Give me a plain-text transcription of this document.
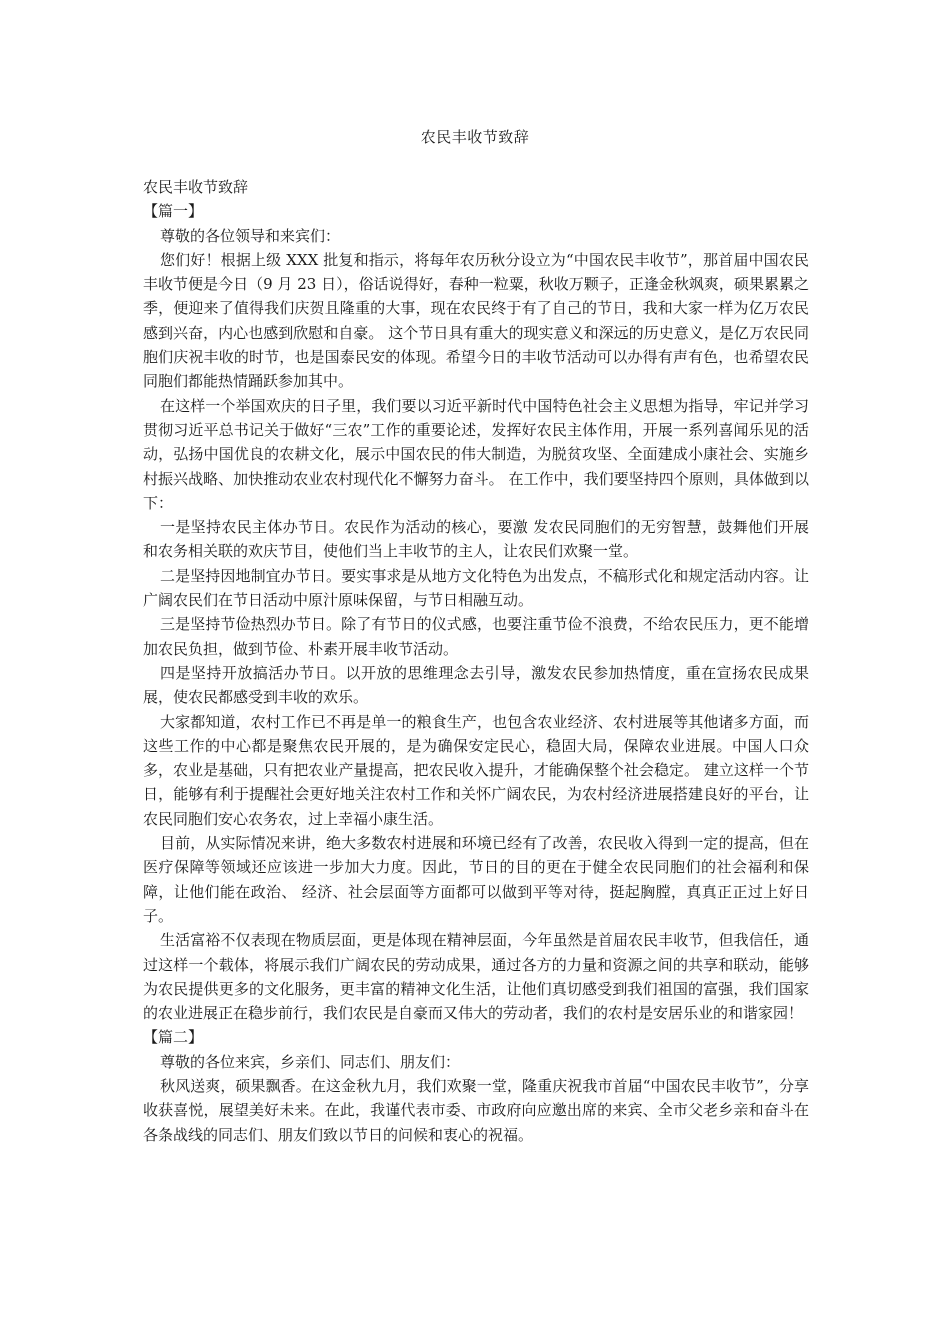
农民丰收节致辞

农民丰收节致辞

【篇一】

尊敬的各位领导和来宾们：

您们好！根据上级 XXX 批复和指示，将每年农历秋分设立为“中国农民丰收节”，那首届中国农民丰收节便是今日（9 月 23 日），俗话说得好，春种一粒粟，秋收万颗子，正逢金秋飒爽，硕果累累之季，便迎来了值得我们庆贺且隆重的大事，现在农民终于有了自己的节日，我和大家一样为亿万农民感到兴奋，内心也感到欣慰和自豪。 这个节日具有重大的现实意义和深远的历史意义，是亿万农民同胞们庆祝丰收的时节，也是国泰民安的体现。希望今日的丰收节活动可以办得有声有色，也希望农民同胞们都能热情踊跃参加其中。

在这样一个举国欢庆的日子里，我们要以习近平新时代中国特色社会主义思想为指导，牢记并学习贯彻习近平总书记关于做好“三农”工作的重要论述，发挥好农民主体作用，开展一系列喜闻乐见的活动，弘扬中国优良的农耕文化，展示中国农民的伟大制造，为脱贫攻坚、全面建成小康社会、实施乡村振兴战略、加快推动农业农村现代化不懈努力奋斗。 在工作中，我们要坚持四个原则，具体做到以下：

一是坚持农民主体办节日。农民作为活动的核心，要激 发农民同胞们的无穷智慧，鼓舞他们开展和农务相关联的欢庆节目，使他们当上丰收节的主人，让农民们欢聚一堂。

二是坚持因地制宜办节日。要实事求是从地方文化特色为出发点，不稿形式化和规定活动内容。让广阔农民们在节日活动中原汁原味保留，与节日相融互动。

三是坚持节俭热烈办节日。除了有节日的仪式感，也要注重节俭不浪费，不给农民压力，更不能增加农民负担，做到节俭、朴素开展丰收节活动。

四是坚持开放搞活办节日。以开放的思维理念去引导，激发农民参加热情度，重在宣扬农民成果展，使农民都感受到丰收的欢乐。

大家都知道，农村工作已不再是单一的粮食生产，也包含农业经济、农村进展等其他诸多方面，而这些工作的中心都是聚焦农民开展的，是为确保安定民心，稳固大局，保障农业进展。中国人口众多，农业是基础，只有把农业产量提高，把农民收入提升，才能确保整个社会稳定。 建立这样一个节日，能够有利于提醒社会更好地关注农村工作和关怀广阔农民，为农村经济进展搭建良好的平台，让农民同胞们安心农务农，过上幸福小康生活。

目前，从实际情况来讲，绝大多数农村进展和环境已经有了改善，农民收入得到一定的提高，但在医疗保障等领域还应该进一步加大力度。因此，节日的目的更在于健全农民同胞们的社会福利和保障，让他们能在政治、 经济、社会层面等方面都可以做到平等对待，挺起胸膛，真真正正过上好日子。

生活富裕不仅表现在物质层面，更是体现在精神层面，今年虽然是首届农民丰收节，但我信任，通过这样一个载体，将展示我们广阔农民的劳动成果，通过各方的力量和资源之间的共享和联动，能够为农民提供更多的文化服务，更丰富的精神文化生活，让他们真切感受到我们祖国的富强，我们国家的农业进展正在稳步前行，我们农民是自豪而又伟大的劳动者，我们的农村是安居乐业的和谐家园！

【篇二】

尊敬的各位来宾，乡亲们、同志们、朋友们：

秋风送爽，硕果飘香。在这金秋九月，我们欢聚一堂，隆重庆祝我市首届“中国农民丰收节”，分享收获喜悦，展望美好未来。在此，我谨代表市委、市政府向应邀出席的来宾、全市父老乡亲和奋斗在各条战线的同志们、朋友们致以节日的问候和衷心的祝福。
